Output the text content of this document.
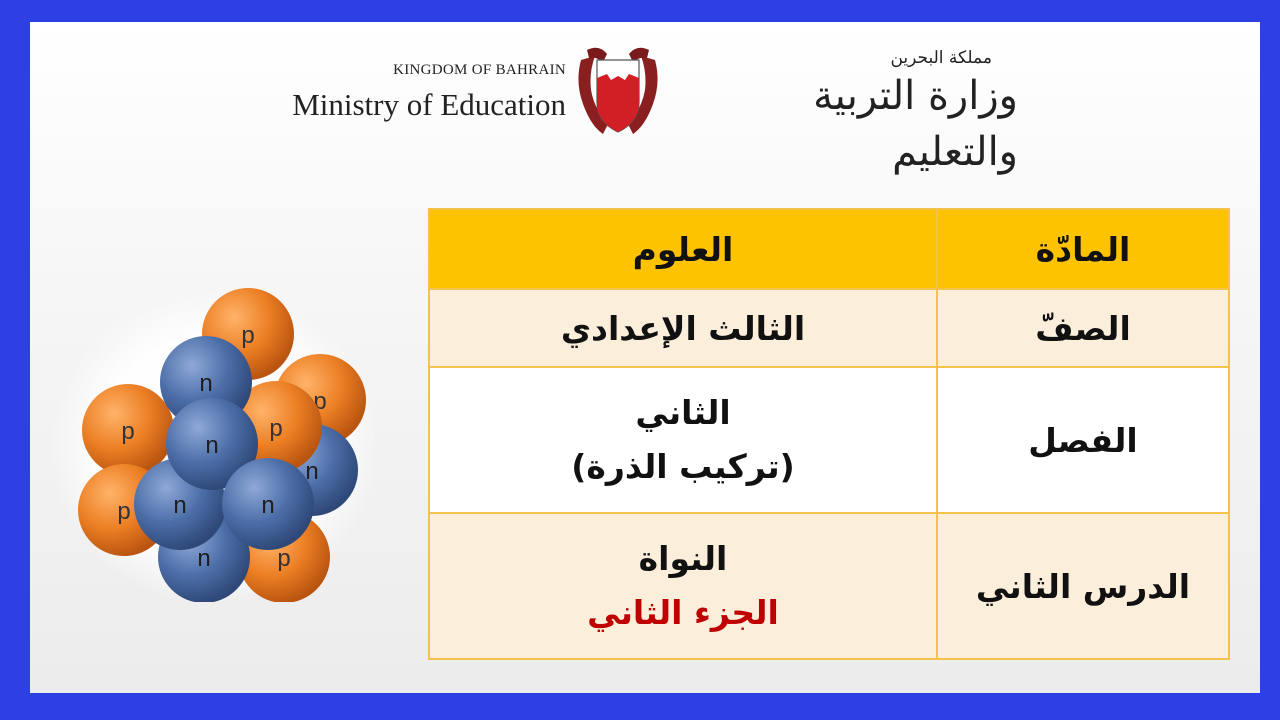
KINGDOM OF BAHRAIN
Ministry of Education
مملكة البحرين
وزارة التربية والتعليم
p
p
p
n
p
p
n
p
n
n
n
n
المادّة	العلوم
الصفّ	الثالث الإعدادي
الفصل	الثاني
(تركيب الذرة)

الدرس الثاني	النواة
الجزء الثاني
